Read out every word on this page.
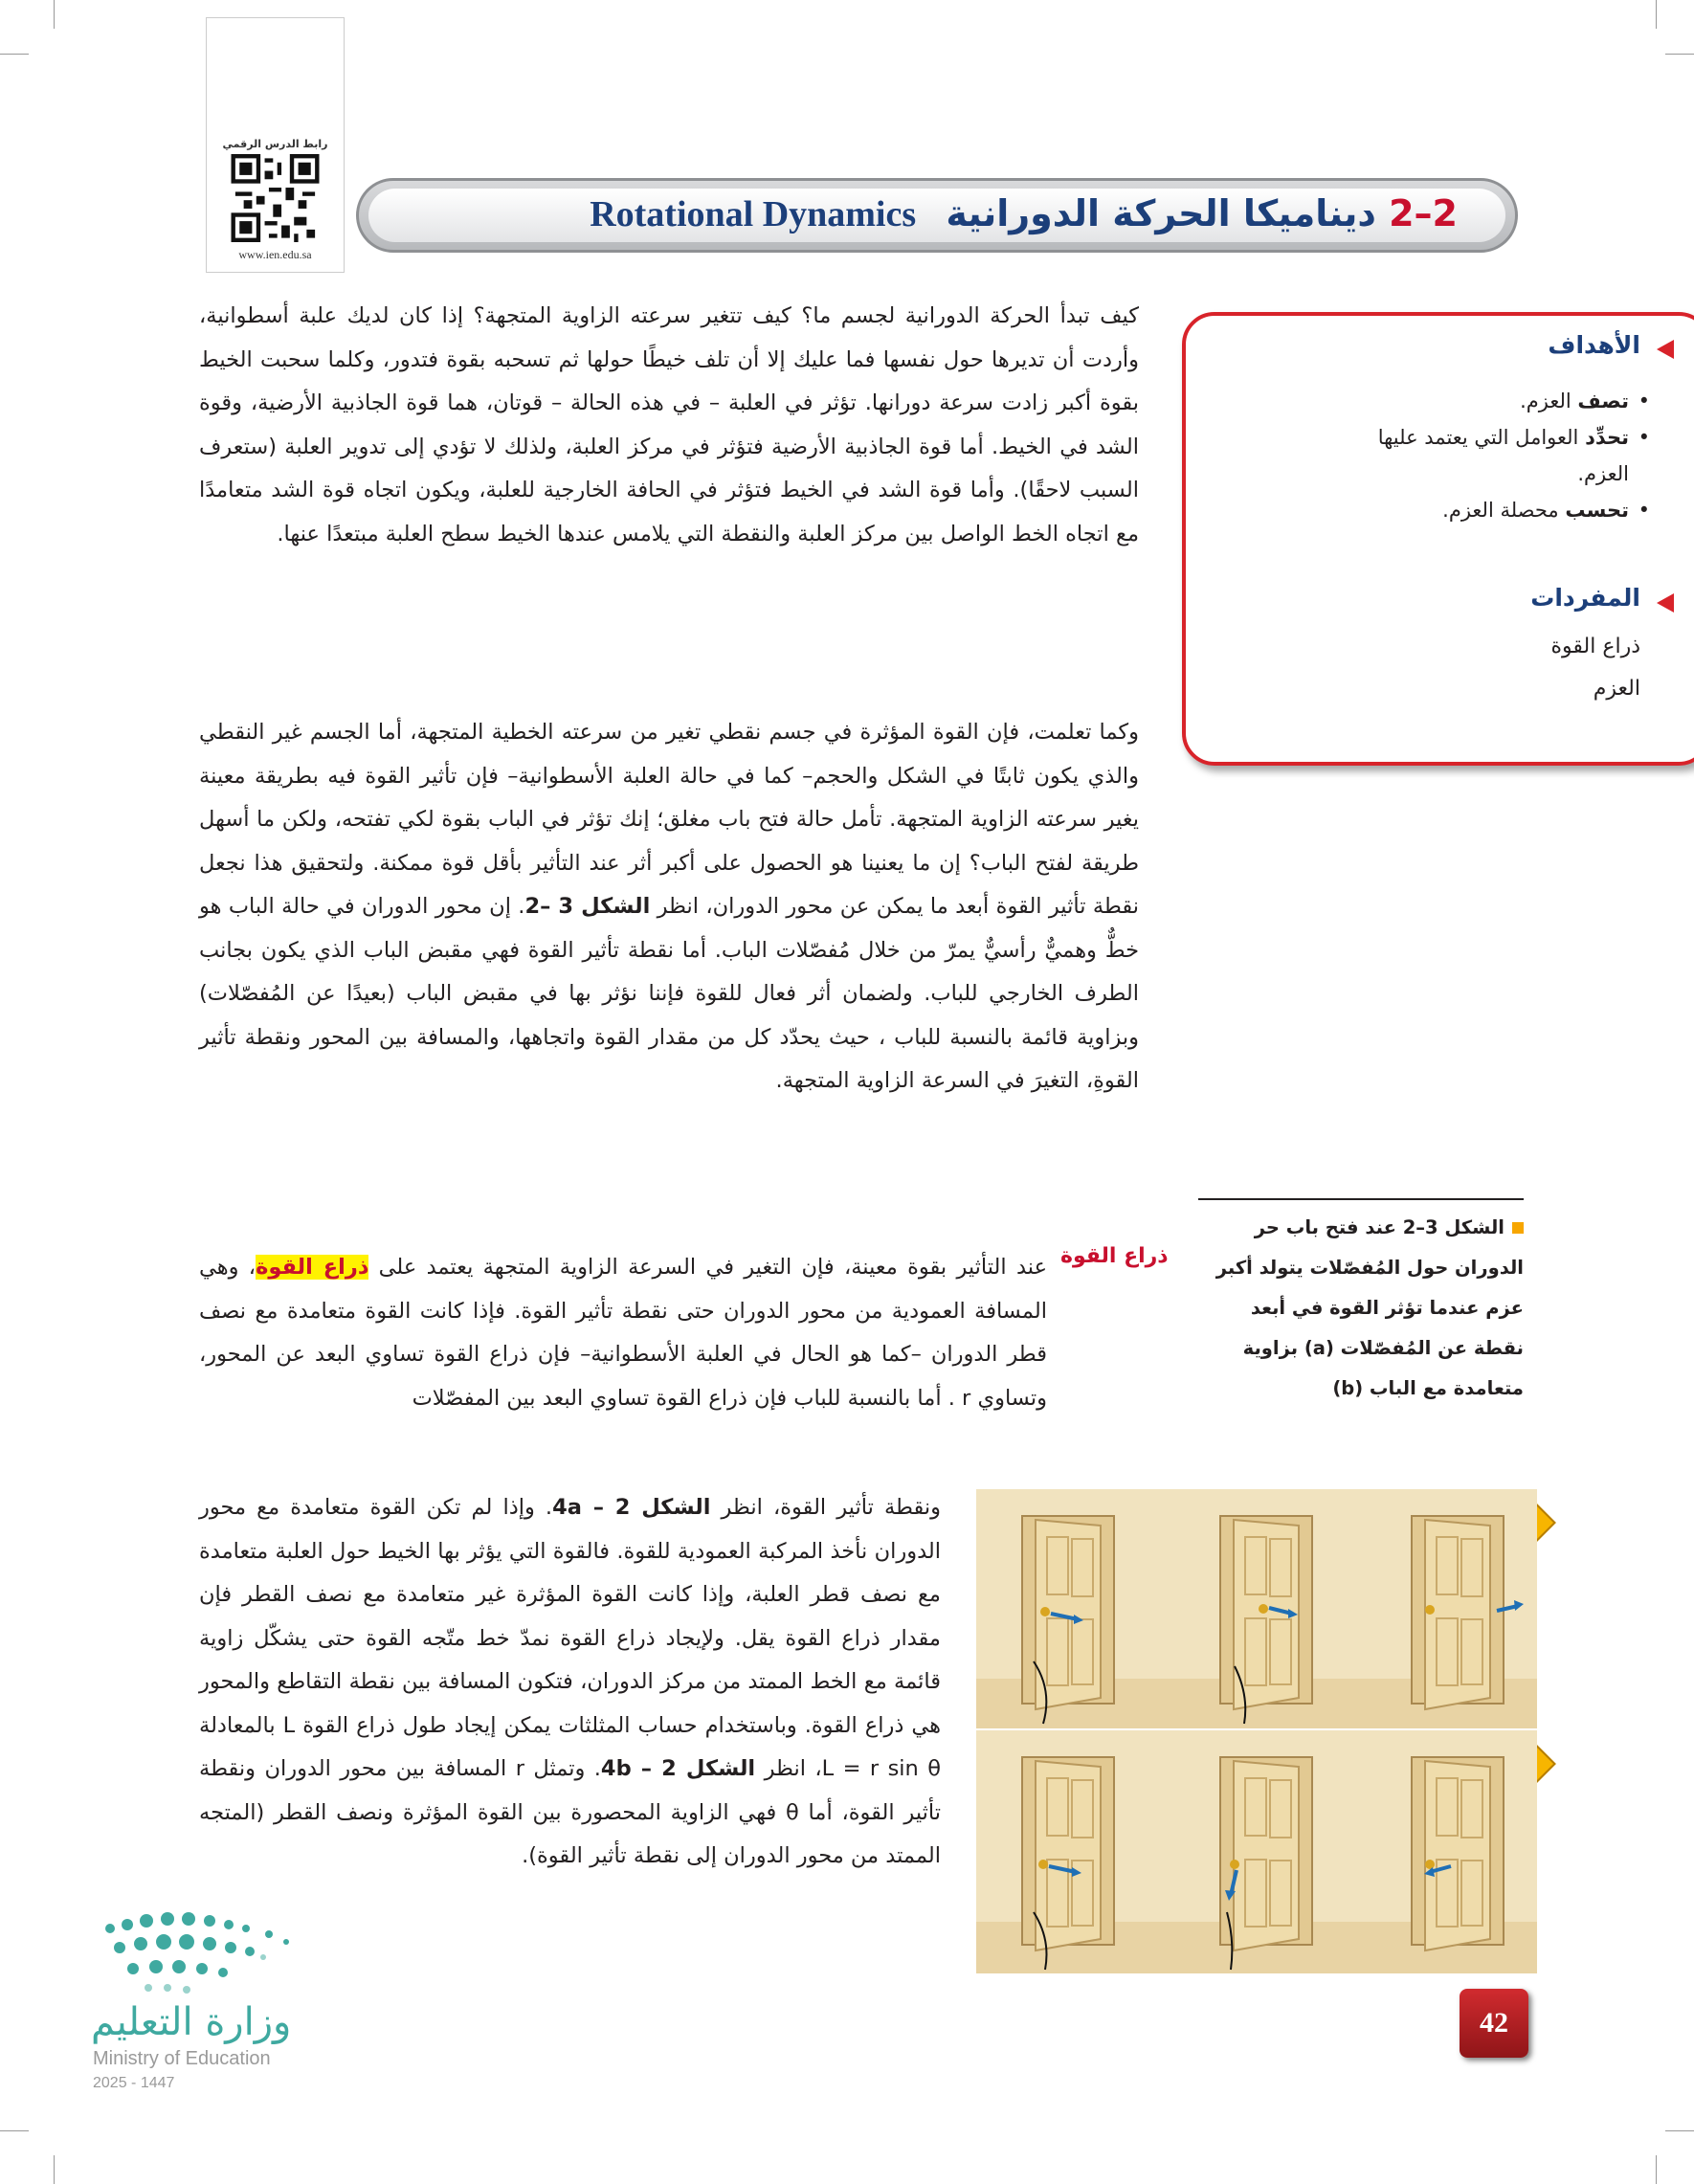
رابط الدرس الرقمي
www.ien.edu.sa
2–2 ديناميكا الحركة الدورانية Rotational Dynamics
الأهداف
• تصف العزم.
• تحدِّد العوامل التي يعتمد عليها العزم.
• تحسب محصلة العزم.
المفردات
ذراع القوة
العزم
كيف تبدأ الحركة الدورانية لجسم ما؟ كيف تتغير سرعته الزاوية المتجهة؟ إذا كان لديك علبة أسطوانية، وأردت أن تديرها حول نفسها فما عليك إلا أن تلف خيطًا حولها ثم تسحبه بقوة فتدور، وكلما سحبت الخيط بقوة أكبر زادت سرعة دورانها. تؤثر في العلبة – في هذه الحالة – قوتان، هما قوة الجاذبية الأرضية، وقوة الشد في الخيط. أما قوة الجاذبية الأرضية فتؤثر في مركز العلبة، ولذلك لا تؤدي إلى تدوير العلبة (ستعرف السبب لاحقًا). وأما قوة الشد في الخيط فتؤثر في الحافة الخارجية للعلبة، ويكون اتجاه قوة الشد متعامدًا مع اتجاه الخط الواصل بين مركز العلبة والنقطة التي يلامس عندها الخيط سطح العلبة مبتعدًا عنها.
وكما تعلمت، فإن القوة المؤثرة في جسم نقطي تغير من سرعته الخطية المتجهة، أما الجسم غير النقطي والذي يكون ثابتًا في الشكل والحجم– كما في حالة العلبة الأسطوانية– فإن تأثير القوة فيه بطريقة معينة يغير سرعته الزاوية المتجهة. تأمل حالة فتح باب مغلق؛ إنك تؤثر في الباب بقوة لكي تفتحه، ولكن ما أسهل طريقة لفتح الباب؟ إن ما يعنينا هو الحصول على أكبر أثر عند التأثير بأقل قوة ممكنة. ولتحقيق هذا نجعل نقطة تأثير القوة أبعد ما يمكن عن محور الدوران، انظر الشكل 3 –2. إن محور الدوران في حالة الباب هو خطٌّ وهميٌّ رأسيٌّ يمرّ من خلال مُفصّلات الباب. أما نقطة تأثير القوة فهي مقبض الباب الذي يكون بجانب الطرف الخارجي للباب. ولضمان أثر فعال للقوة فإننا نؤثر بها في مقبض الباب (بعيدًا عن المُفصّلات) وبزاوية قائمة بالنسبة للباب ، حيث يحدّد كل من مقدار القوة واتجاهها، والمسافة بين المحور ونقطة تأثير القوةِ، التغيرَ في السرعة الزاوية المتجهة.
ذراع القوة
عند التأثير بقوة معينة، فإن التغير في السرعة الزاوية المتجهة يعتمد على ذراع القوة، وهي المسافة العمودية من محور الدوران حتى نقطة تأثير القوة. فإذا كانت القوة متعامدة مع نصف قطر الدوران –كما هو الحال في العلبة الأسطوانية– فإن ذراع القوة تساوي البعد عن المحور، وتساوي r . أما بالنسبة للباب فإن ذراع القوة تساوي البعد بين المفصّلات
ونقطة تأثير القوة، انظر الشكل 4a – 2. وإذا لم تكن القوة متعامدة مع محور الدوران نأخذ المركبة العمودية للقوة. فالقوة التي يؤثر بها الخيط حول العلبة متعامدة مع نصف قطر العلبة، وإذا كانت القوة المؤثرة غير متعامدة مع نصف القطر فإن مقدار ذراع القوة يقل. ولإيجاد ذراع القوة نمدّ خط متّجه القوة حتى يشكّل زاوية قائمة مع الخط الممتد من مركز الدوران، فتكون المسافة بين نقطة التقاطع والمحور هي ذراع القوة. وباستخدام حساب المثلثات يمكن إيجاد طول ذراع القوة L بالمعادلة L = r sin θ، انظر الشكل 4b – 2. وتمثل r المسافة بين محور الدوران ونقطة تأثير القوة، أما θ فهي الزاوية المحصورة بين القوة المؤثرة ونصف القطر (المتجه الممتد من محور الدوران إلى نقطة تأثير القوة).
الشكل 3–2 عند فتح باب حر الدوران حول المُفصّلات يتولد أكبر عزم عندما تؤثر القوة في أبعد نقطة عن المُفصّلات (a) بزاوية متعامدة مع الباب (b)
42
وزارة التعليم
Ministry of Education
2025 - 1447
